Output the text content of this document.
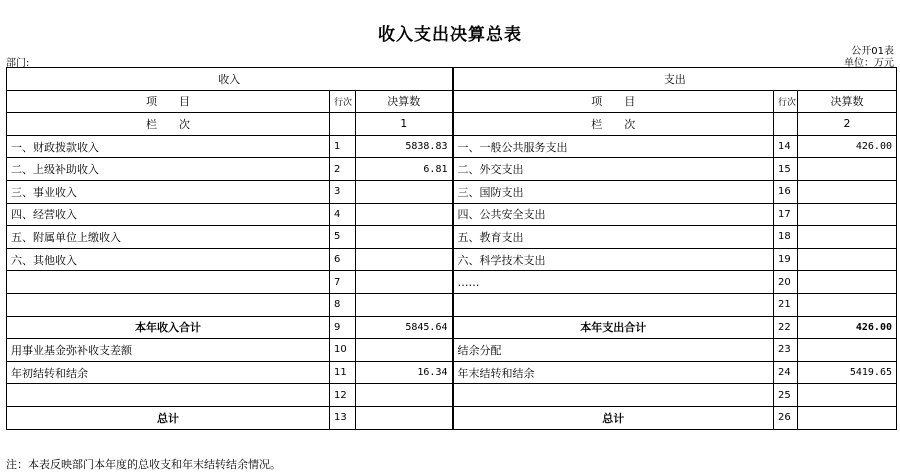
收入支出决算总表
公开01表
单位：万元
部门:
收入			支出		
项　　目	行次	决算数	项　　目	行次	决算数
栏　　次		1	栏　　次		2
一、财政拨款收入	1	5838.83	一、一般公共服务支出	14	426.00
二、上级补助收入	2	6.81	二、外交支出	15	
三、事业收入	3		三、国防支出	16	
四、经营收入	4		四、公共安全支出	17	
五、附属单位上缴收入	5		五、教育支出	18	
六、其他收入	6		六、科学技术支出	19	
	7		……	20	
	8			21	
本年收入合计	9	5845.64	本年支出合计	22	426.00
用事业基金弥补收支差额	10		结余分配	23	
年初结转和结余	11	16.34	年末结转和结余	24	5419.65
	12			25	
总计	13		总计	26	
注：本表反映部门本年度的总收支和年末结转结余情况。
